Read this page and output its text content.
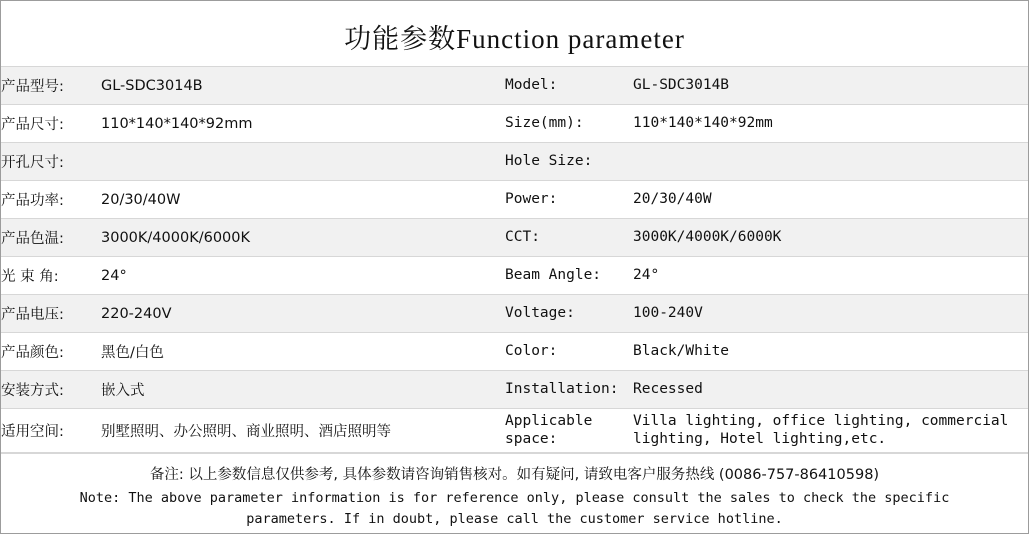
功能参数Function parameter
产品型号:	GL-SDC3014B	Model:	GL-SDC3014B
产品尺寸:	110*140*140*92mm	Size(mm):	110*140*140*92mm
开孔尺寸:		Hole Size:	
产品功率:	20/30/40W	Power:	20/30/40W
产品色温:	3000K/4000K/6000K	CCT:	3000K/4000K/6000K
光 束 角:	24°	Beam Angle:	24°
产品电压:	220-240V	Voltage:	100-240V
产品颜色:	黑色/白色	Color:	Black/White
安装方式:	嵌入式	Installation:	Recessed
适用空间:	别墅照明、办公照明、商业照明、酒店照明等	Applicable space:	Villa lighting, office lighting, commercial lighting, Hotel lighting,etc.
备注: 以上参数信息仅供参考, 具体参数请咨询销售核对。如有疑问, 请致电客户服务热线 (0086-757-86410598)
Note: The above parameter information is for reference only, please consult the sales to check the specific parameters. If in doubt, please call the customer service hotline.
